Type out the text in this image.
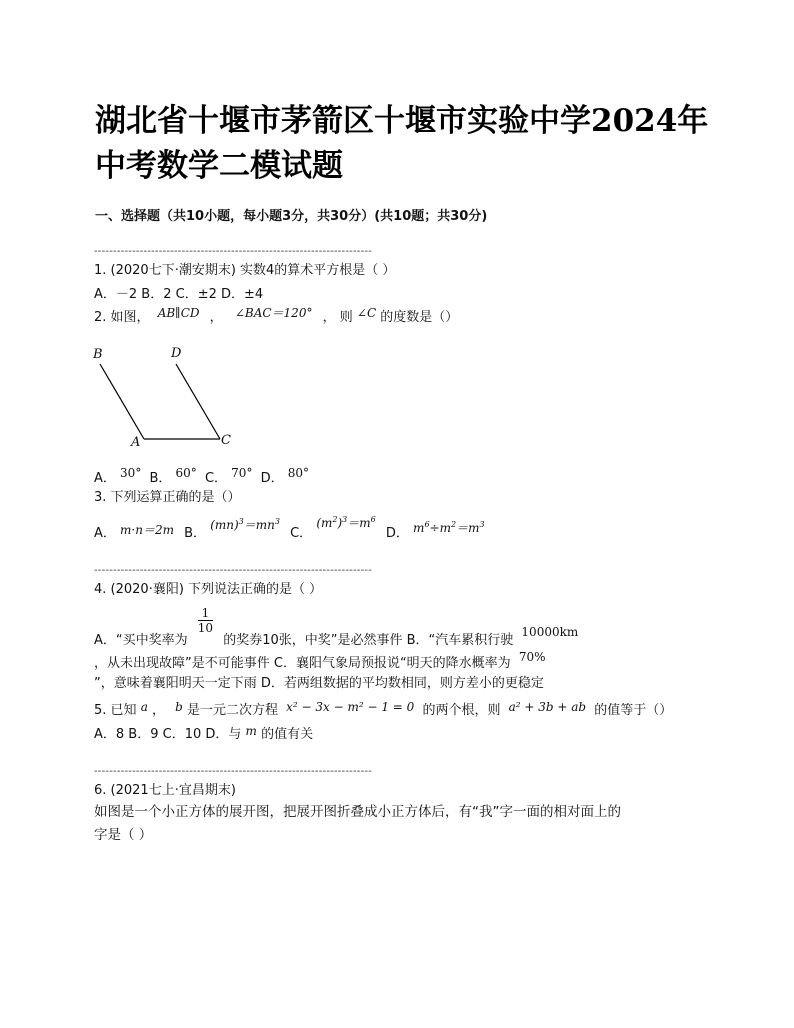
湖北省十堰市茅箭区十堰市实验中学2024年
中考数学二模试题
一、选择题（共10小题，每小题3分，共30分）(共10题；共30分)
-------------------------------------------------------------------------
1. (2020七下·潮安期末) 实数4的算术平方根是（ ）
A．－2 B．2 C．±2 D．±4
2. 如图， AB∥CD ， ∠BAC＝120° ， 则 ∠C 的度数是（）
B	D
A	C
A． 30° B． 60° C． 70° D． 80°
3. 下列运算正确的是（）
A． m·n＝2m B． $(mn)^3=mn^3$ C． $(m^2)^3=m^6$ D． $m^6\div m^2=m^3$
-------------------------------------------------------------------------
4. (2020·襄阳) 下列说法正确的是（ ）
A．“买中奖率为
$\frac{1}{10}$
的奖券10张，中奖”是必然事件 B．“汽车累积行驶 10000km
，从未出现故障”是不可能事件 C．襄阳气象局预报说“明天的降水概率为 70%
”，意味着襄阳明天一定下雨 D．若两组数据的平均数相同，则方差小的更稳定
5. 已知 a ， b 是一元二次方程 x² − 3x − m² − 1 = 0 的两个根，则 a² + 3b + ab 的值等于（）
A．8 B．9 C．10 D．与 m 的值有关
-------------------------------------------------------------------------
6. (2021七上·宜昌期末)
如图是一个小正方体的展开图，把展开图折叠成小正方体后，有“我”字一面的相对面上的
字是（ ）
